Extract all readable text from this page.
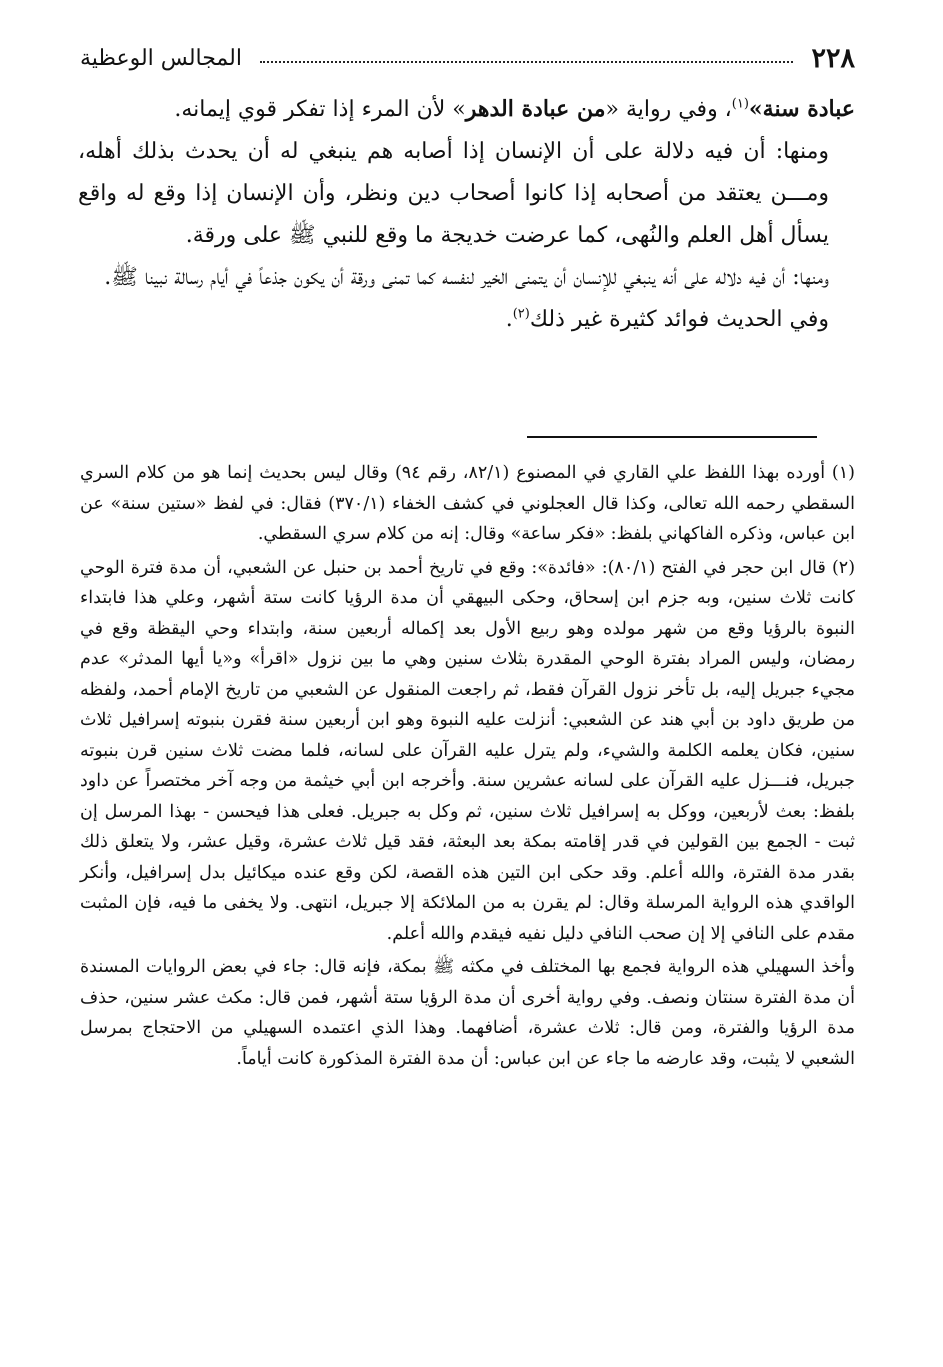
٢٢٨
المجالس الوعظية

عبادة سنة»$^{(١)}$، وفي رواية «من عبادة الدهر» لأن المرء إذا تفكر قوي إيمانه.

ومنها: أن فيه دلالة على أن الإنسان إذا أصابه هم ينبغي له أن يحدث بذلك أهله، ومـــن يعتقد من أصحابه إذا كانوا أصحاب دين ونظر، وأن الإنسان إذا وقع له واقع يسأل أهل العلم والنُهى، كما عرضت خديجة ما وقع للنبي ﷺ على ورقة.

ومنها: أن فيه دلاله على أنه ينبغي للإنسان أن يتمنى الخير لنفسه كما تمنى ورقة أن يكون جذعاً في أيام رسالة نبينا ﷺ.

وفي الحديث فوائد كثيرة غير ذلك$^{(٢)}$.

(١) أورده بهذا اللفظ علي القاري في المصنوع (٨٢/١، رقم ٩٤) وقال ليس بحديث إنما هو من كلام السري السقطي رحمه الله تعالى، وكذا قال العجلوني في كشف الخفاء (٣٧٠/١) فقال: في لفظ «ستين سنة» عن ابن عباس، وذكره الفاكهاني بلفظ: «فكر ساعة» وقال: إنه من كلام سري السقطي.

(٢) قال ابن حجر في الفتح (٨٠/١): «فائدة»: وقع في تاريخ أحمد بن حنبل عن الشعبي، أن مدة فترة الوحي كانت ثلاث سنين، وبه جزم ابن إسحاق، وحكى البيهقي أن مدة الرؤيا كانت ستة أشهر، وعلي هذا فابتداء النبوة بالرؤيا وقع من شهر مولده وهو ربيع الأول بعد إكماله أربعين سنة، وابتداء وحي اليقظة وقع في رمضان، وليس المراد بفترة الوحي المقدرة بثلاث سنين وهي ما بين نزول «اقرأ» و«يا أيها المدثر» عدم مجيء جبريل إليه، بل تأخر نزول القرآن فقط، ثم راجعت المنقول عن الشعبي من تاريخ الإمام أحمد، ولفظه من طريق داود بن أبي هند عن الشعبي: أنزلت عليه النبوة وهو ابن أربعين سنة فقرن بنبوته إسرافيل ثلاث سنين، فكان يعلمه الكلمة والشيء، ولم يترل عليه القرآن على لسانه، فلما مضت ثلاث سنين قرن بنبوته جبريل، فنـــزل عليه القرآن على لسانه عشرين سنة. وأخرجه ابن أبي خيثمة من وجه آخر مختصراً عن داود بلفظ: بعث لأربعين، ووكل به إسرافيل ثلاث سنين، ثم وكل به جبريل. فعلى هذا فيحسن - بهذا المرسل إن ثبت - الجمع بين القولين في قدر إقامته بمكة بعد البعثة، فقد قيل ثلاث عشرة، وقيل عشر، ولا يتعلق ذلك بقدر مدة الفترة، والله أعلم. وقد حكى ابن التين هذه القصة، لكن وقع عنده ميكائيل بدل إسرافيل، وأنكر الواقدي هذه الرواية المرسلة وقال: لم يقرن به من الملائكة إلا جبريل، انتهى. ولا يخفى ما فيه، فإن المثبت مقدم على النافي إلا إن صحب النافي دليل نفيه فيقدم والله أعلم.

وأخذ السهيلي هذه الرواية فجمع بها المختلف في مكثه ﷺ بمكة، فإنه قال: جاء في بعض الروايات المسندة أن مدة الفترة سنتان ونصف. وفي رواية أخرى أن مدة الرؤيا ستة أشهر، فمن قال: مكث عشر سنين، حذف مدة الرؤيا والفترة، ومن قال: ثلاث عشرة، أضافهما. وهذا الذي اعتمده السهيلي من الاحتجاج بمرسل الشعبي لا يثبت، وقد عارضه ما جاء عن ابن عباس: أن مدة الفترة المذكورة كانت أياماً.
